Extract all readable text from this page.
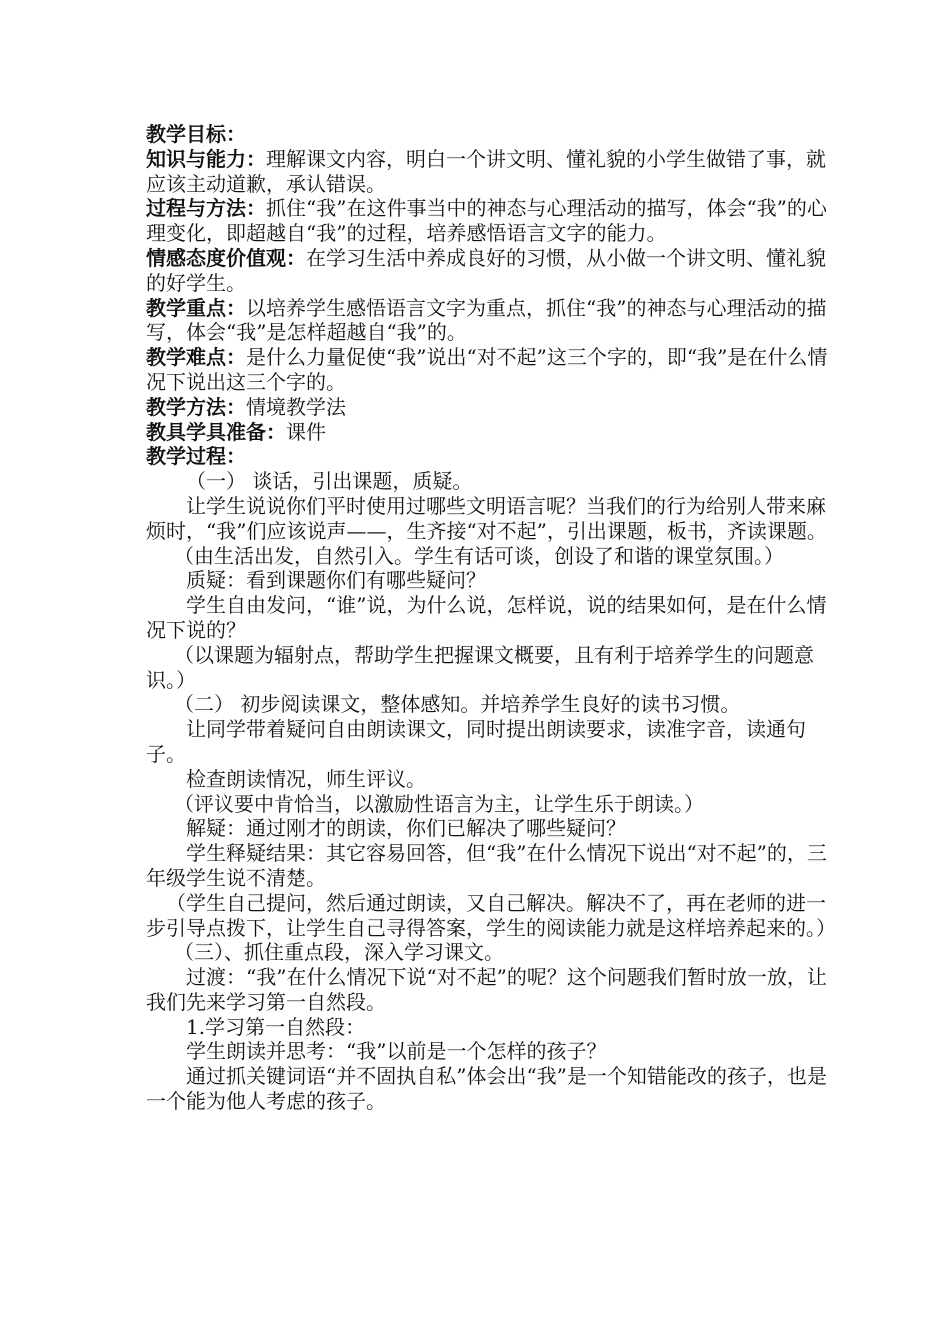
教学目标：

知识与能力：理解课文内容，明白一个讲文明、懂礼貌的小学生做错了事，就应该主动道歉，承认错误。

过程与方法：抓住“我”在这件事当中的神态与心理活动的描写，体会“我”的心理变化，即超越自“我”的过程，培养感悟语言文字的能力。

情感态度价值观：在学习生活中养成良好的习惯，从小做一个讲文明、懂礼貌的好学生。

教学重点：以培养学生感悟语言文字为重点，抓住“我”的神态与心理活动的描写，体会“我”是怎样超越自“我”的。

教学难点：是什么力量促使“我”说出“对不起”这三个字的，即“我”是在什么情况下说出这三个字的。

教学方法：情境教学法

教具学具准备：课件

教学过程：

（一） 谈话，引出课题，质疑。

让学生说说你们平时使用过哪些文明语言呢？当我们的行为给别人带来麻烦时，“我”们应该说声——，生齐接“对不起”，引出课题，板书，齐读课题。

（由生活出发，自然引入。学生有话可谈，创设了和谐的课堂氛围。）

质疑：看到课题你们有哪些疑问？

学生自由发问，“谁”说，为什么说，怎样说，说的结果如何，是在什么情况下说的？

（以课题为辐射点，帮助学生把握课文概要，且有利于培养学生的问题意识。）

（二） 初步阅读课文，整体感知。并培养学生良好的读书习惯。

让同学带着疑问自由朗读课文，同时提出朗读要求，读准字音，读通句子。

检查朗读情况，师生评议。

（评议要中肯恰当，以激励性语言为主，让学生乐于朗读。）

解疑：通过刚才的朗读，你们已解决了哪些疑问？

学生释疑结果：其它容易回答，但“我”在什么情况下说出“对不起”的，三年级学生说不清楚。

（学生自己提问，然后通过朗读，又自己解决。解决不了，再在老师的进一步引导点拨下，让学生自己寻得答案，学生的阅读能力就是这样培养起来的。）

（三）、抓住重点段，深入学习课文。

过渡：“我”在什么情况下说“对不起”的呢？这个问题我们暂时放一放，让我们先来学习第一自然段。

1.学习第一自然段：

学生朗读并思考：“我”以前是一个怎样的孩子？

通过抓关键词语“并不固执自私”体会出“我”是一个知错能改的孩子，也是一个能为他人考虑的孩子。
